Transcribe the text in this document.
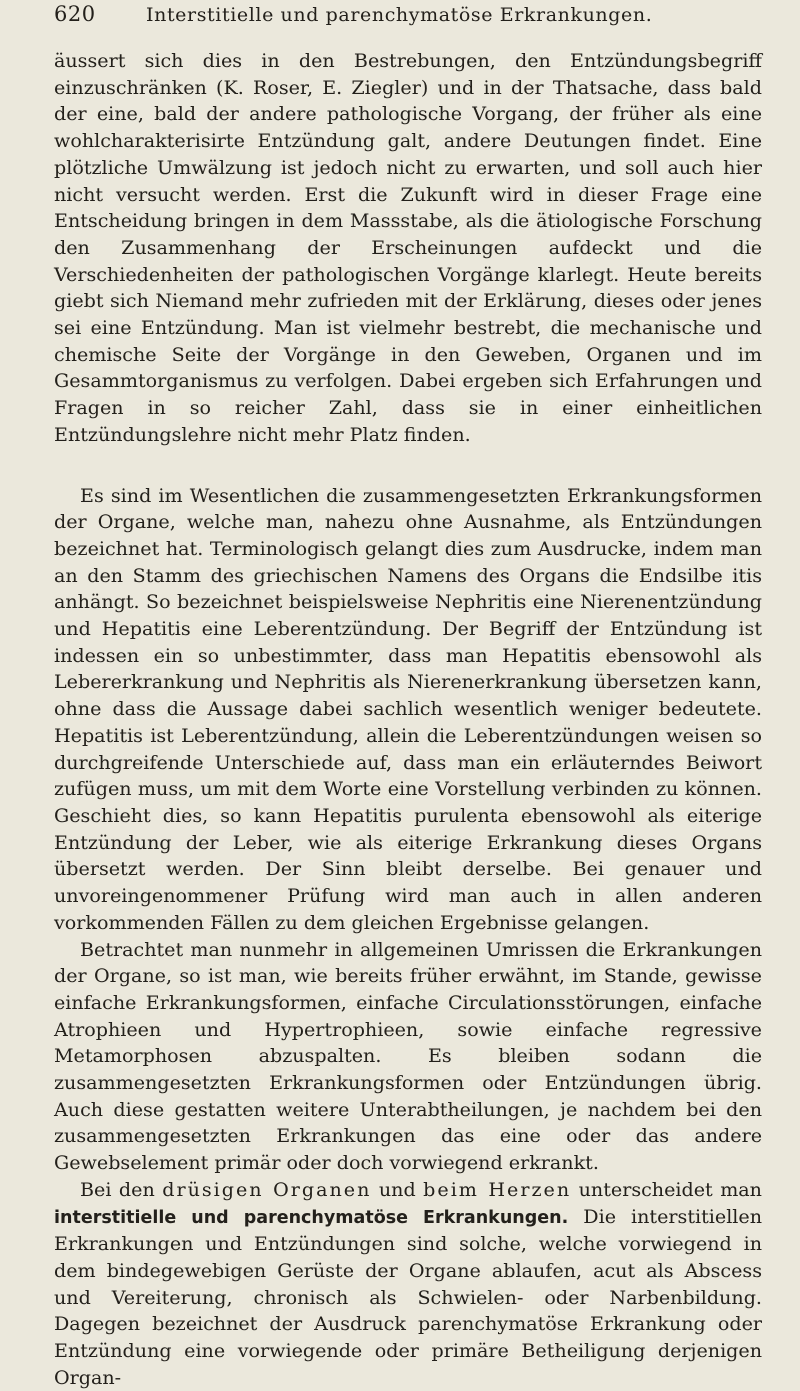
620	Interstitielle und parenchymatöse Erkrankungen.

äussert sich dies in den Bestrebungen, den Entzündungsbegriff einzuschränken (K. Roser, E. Ziegler) und in der Thatsache, dass bald der eine, bald der andere pathologische Vorgang, der früher als eine wohlcharakterisirte Entzündung galt, andere Deutungen findet. Eine plötzliche Umwälzung ist jedoch nicht zu erwarten, und soll auch hier nicht versucht werden. Erst die Zukunft wird in dieser Frage eine Entscheidung bringen in dem Massstabe, als die ätiologische Forschung den Zusammenhang der Erscheinungen aufdeckt und die Verschiedenheiten der pathologischen Vorgänge klarlegt. Heute bereits giebt sich Niemand mehr zufrieden mit der Erklärung, dieses oder jenes sei eine Entzündung. Man ist vielmehr bestrebt, die mechanische und chemische Seite der Vorgänge in den Geweben, Organen und im Gesammtorganismus zu verfolgen. Dabei ergeben sich Erfahrungen und Fragen in so reicher Zahl, dass sie in einer einheitlichen Entzündungslehre nicht mehr Platz finden.

Es sind im Wesentlichen die zusammengesetzten Erkrankungsformen der Organe, welche man, nahezu ohne Ausnahme, als Entzündungen bezeichnet hat. Terminologisch gelangt dies zum Ausdrucke, indem man an den Stamm des griechischen Namens des Organs die Endsilbe itis anhängt. So bezeichnet beispielsweise Nephritis eine Nierenentzündung und Hepatitis eine Leberentzündung. Der Begriff der Entzündung ist indessen ein so unbestimmter, dass man Hepatitis ebensowohl als Lebererkrankung und Nephritis als Nierenerkrankung übersetzen kann, ohne dass die Aussage dabei sachlich wesentlich weniger bedeutete. Hepatitis ist Leberentzündung, allein die Leberentzündungen weisen so durchgreifende Unterschiede auf, dass man ein erläuterndes Beiwort zufügen muss, um mit dem Worte eine Vorstellung verbinden zu können. Geschieht dies, so kann Hepatitis purulenta ebensowohl als eiterige Entzündung der Leber, wie als eiterige Erkrankung dieses Organs übersetzt werden. Der Sinn bleibt derselbe. Bei genauer und unvoreingenommener Prüfung wird man auch in allen anderen vorkommenden Fällen zu dem gleichen Ergebnisse gelangen.

Betrachtet man nunmehr in allgemeinen Umrissen die Erkrankungen der Organe, so ist man, wie bereits früher erwähnt, im Stande, gewisse einfache Erkrankungsformen, einfache Circulationsstörungen, einfache Atrophieen und Hypertrophieen, sowie einfache regressive Metamorphosen abzuspalten. Es bleiben sodann die zusammengesetzten Erkrankungsformen oder Entzündungen übrig. Auch diese gestatten weitere Unterabtheilungen, je nachdem bei den zusammengesetzten Erkrankungen das eine oder das andere Gewebselement primär oder doch vorwiegend erkrankt.

Bei den drüsigen Organen und beim Herzen unterscheidet man interstitielle und parenchymatöse Erkrankungen. Die interstitiellen Erkrankungen und Entzündungen sind solche, welche vorwiegend in dem bindegewebigen Gerüste der Organe ablaufen, acut als Abscess und Vereiterung, chronisch als Schwielen- oder Narbenbildung. Dagegen bezeichnet der Ausdruck parenchymatöse Erkrankung oder Entzündung eine vorwiegende oder primäre Betheiligung derjenigen Organ-
